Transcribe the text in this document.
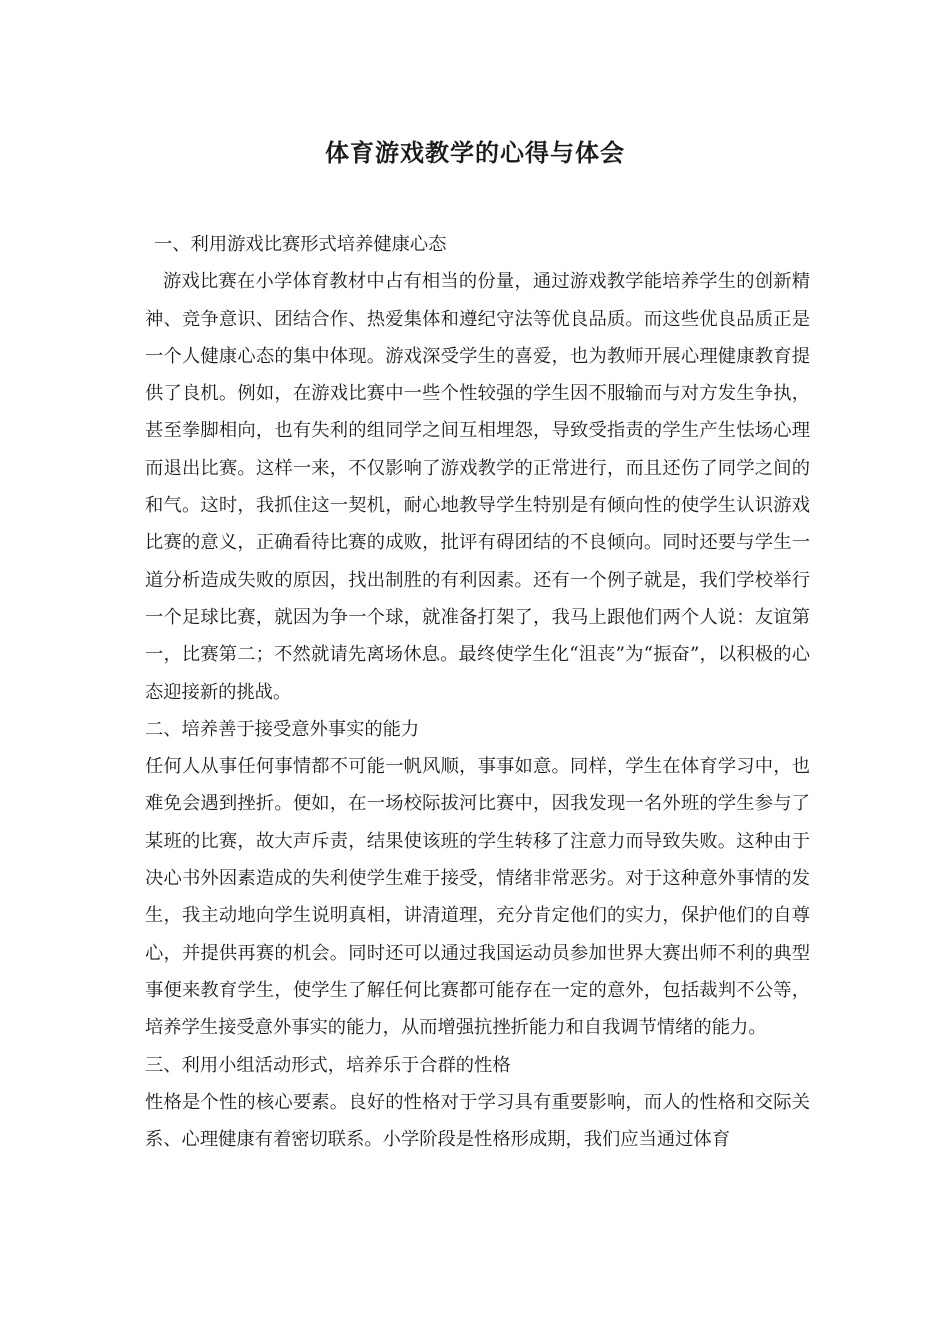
体育游戏教学的心得与体会

一、利用游戏比赛形式培养健康心态

游戏比赛在小学体育教材中占有相当的份量，通过游戏教学能培养学生的创新精神、竞争意识、团结合作、热爱集体和遵纪守法等优良品质。而这些优良品质正是一个人健康心态的集中体现。游戏深受学生的喜爱，也为教师开展心理健康教育提供了良机。例如，在游戏比赛中一些个性较强的学生因不服输而与对方发生争执，甚至拳脚相向，也有失利的组同学之间互相埋怨，导致受指责的学生产生怯场心理而退出比赛。这样一来，不仅影响了游戏教学的正常进行，而且还伤了同学之间的和气。这时，我抓住这一契机，耐心地教导学生特别是有倾向性的使学生认识游戏比赛的意义，正确看待比赛的成败，批评有碍团结的不良倾向。同时还要与学生一道分析造成失败的原因，找出制胜的有利因素。还有一个例子就是，我们学校举行一个足球比赛，就因为争一个球，就准备打架了，我马上跟他们两个人说：友谊第一，比赛第二；不然就请先离场休息。最终使学生化“沮丧”为“振奋”，以积极的心态迎接新的挑战。

二、培养善于接受意外事实的能力

任何人从事任何事情都不可能一帆风顺，事事如意。同样，学生在体育学习中，也难免会遇到挫折。便如，在一场校际拔河比赛中，因我发现一名外班的学生参与了某班的比赛，故大声斥责，结果使该班的学生转移了注意力而导致失败。这种由于决心书外因素造成的失利使学生难于接受，情绪非常恶劣。对于这种意外事情的发生，我主动地向学生说明真相，讲清道理，充分肯定他们的实力，保护他们的自尊心，并提供再赛的机会。同时还可以通过我国运动员参加世界大赛出师不利的典型事便来教育学生，使学生了解任何比赛都可能存在一定的意外，包括裁判不公等，培养学生接受意外事实的能力，从而增强抗挫折能力和自我调节情绪的能力。

三、利用小组活动形式，培养乐于合群的性格

性格是个性的核心要素。良好的性格对于学习具有重要影响，而人的性格和交际关系、心理健康有着密切联系。小学阶段是性格形成期，我们应当通过体育
